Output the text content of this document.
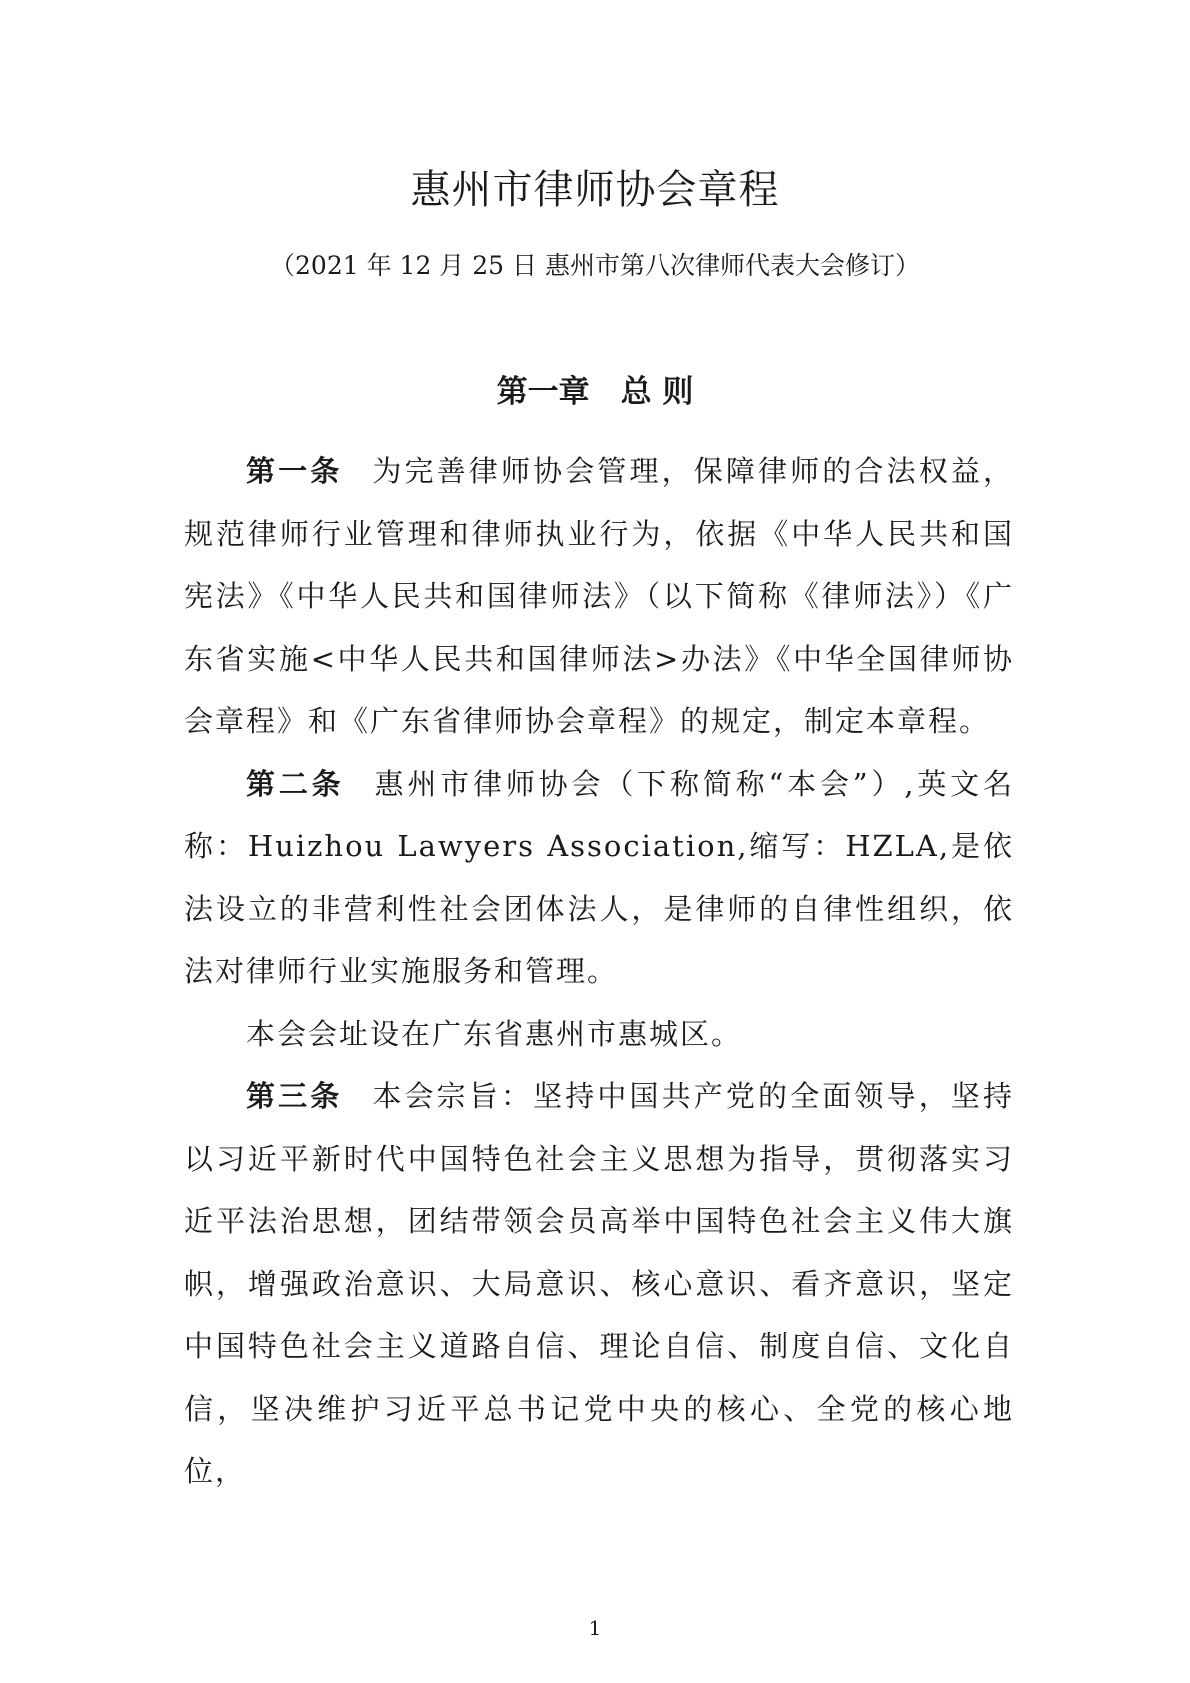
惠州市律师协会章程
（2021 年 12 月 25 日 惠州市第八次律师代表大会修订）
第一章　总 则

第一条 为完善律师协会管理，保障律师的合法权益，规范律师行业管理和律师执业行为，依据《中华人民共和国宪法》《中华人民共和国律师法》（以下简称《律师法》）《广东省实施<中华人民共和国律师法>办法》《中华全国律师协会章程》和《广东省律师协会章程》的规定，制定本章程。

第二条 惠州市律师协会（下称简称“本会”）,英文名称：Huizhou Lawyers Association,缩写：HZLA,是依法设立的非营利性社会团体法人，是律师的自律性组织，依法对律师行业实施服务和管理。

本会会址设在广东省惠州市惠城区。

第三条 本会宗旨：坚持中国共产党的全面领导，坚持以习近平新时代中国特色社会主义思想为指导，贯彻落实习近平法治思想，团结带领会员高举中国特色社会主义伟大旗帜，增强政治意识、大局意识、核心意识、看齐意识，坚定中国特色社会主义道路自信、理论自信、制度自信、文化自信，坚决维护习近平总书记党中央的核心、全党的核心地位，

1
